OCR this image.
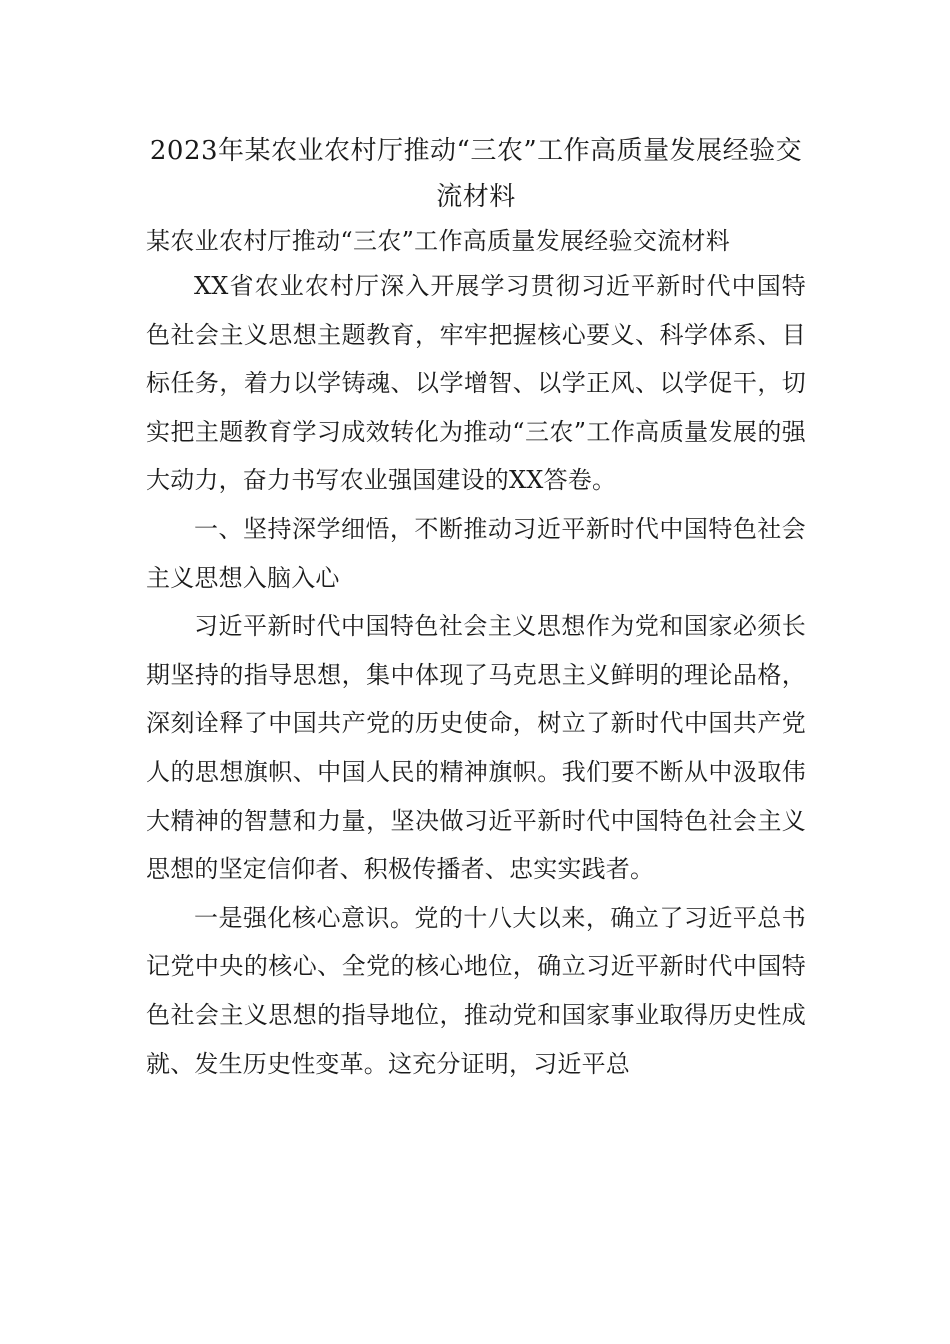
2023年某农业农村厅推动“三农”工作高质量发展经验交流材料

某农业农村厅推动“三农”工作高质量发展经验交流材料

XX省农业农村厅深入开展学习贯彻习近平新时代中国特色社会主义思想主题教育，牢牢把握核心要义、科学体系、目标任务，着力以学铸魂、以学增智、以学正风、以学促干，切实把主题教育学习成效转化为推动“三农”工作高质量发展的强大动力，奋力书写农业强国建设的XX答卷。

一、坚持深学细悟，不断推动习近平新时代中国特色社会主义思想入脑入心

习近平新时代中国特色社会主义思想作为党和国家必须长期坚持的指导思想，集中体现了马克思主义鲜明的理论品格，深刻诠释了中国共产党的历史使命，树立了新时代中国共产党人的思想旗帜、中国人民的精神旗帜。我们要不断从中汲取伟大精神的智慧和力量，坚决做习近平新时代中国特色社会主义思想的坚定信仰者、积极传播者、忠实实践者。

一是强化核心意识。党的十八大以来，确立了习近平总书记党中央的核心、全党的核心地位，确立习近平新时代中国特色社会主义思想的指导地位，推动党和国家事业取得历史性成就、发生历史性变革。这充分证明，习近平总
